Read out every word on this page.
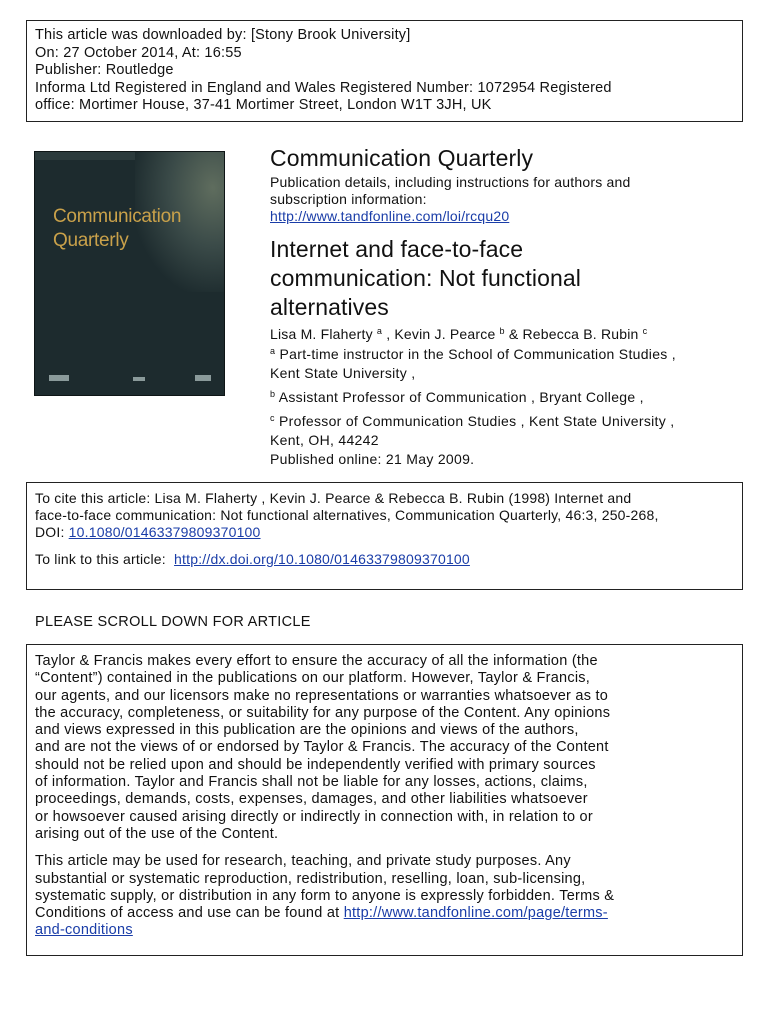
This article was downloaded by: [Stony Brook University]
On: 27 October 2014, At: 16:55
Publisher: Routledge
Informa Ltd Registered in England and Wales Registered Number: 1072954 Registered
office: Mortimer House, 37-41 Mortimer Street, London W1T 3JH, UK
Communication
Quarterly
Communication Quarterly
Publication details, including instructions for authors and
subscription information:
http://www.tandfonline.com/loi/rcqu20
Internet and face-to-face
communication: Not functional
alternatives
Lisa M. Flaherty $^a$ , Kevin J. Pearce $^b$ & Rebecca B. Rubin $^c$
$^a$ Part-time instructor in the School of Communication Studies ,
Kent State University ,
$^b$ Assistant Professor of Communication , Bryant College ,
$^c$ Professor of Communication Studies , Kent State University ,
Kent, OH, 44242
Published online: 21 May 2009.
To cite this article: Lisa M. Flaherty , Kevin J. Pearce & Rebecca B. Rubin (1998) Internet and
face-to-face communication: Not functional alternatives, Communication Quarterly, 46:3, 250-268,
DOI: 10.1080/01463379809370100
To link to this article: http://dx.doi.org/10.1080/01463379809370100
PLEASE SCROLL DOWN FOR ARTICLE
Taylor & Francis makes every effort to ensure the accuracy of all the information (the
“Content”) contained in the publications on our platform. However, Taylor & Francis,
our agents, and our licensors make no representations or warranties whatsoever as to
the accuracy, completeness, or suitability for any purpose of the Content. Any opinions
and views expressed in this publication are the opinions and views of the authors,
and are not the views of or endorsed by Taylor & Francis. The accuracy of the Content
should not be relied upon and should be independently verified with primary sources
of information. Taylor and Francis shall not be liable for any losses, actions, claims,
proceedings, demands, costs, expenses, damages, and other liabilities whatsoever
or howsoever caused arising directly or indirectly in connection with, in relation to or
arising out of the use of the Content.
This article may be used for research, teaching, and private study purposes. Any
substantial or systematic reproduction, redistribution, reselling, loan, sub-licensing,
systematic supply, or distribution in any form to anyone is expressly forbidden. Terms &
Conditions of access and use can be found at http://www.tandfonline.com/page/terms-
and-conditions
